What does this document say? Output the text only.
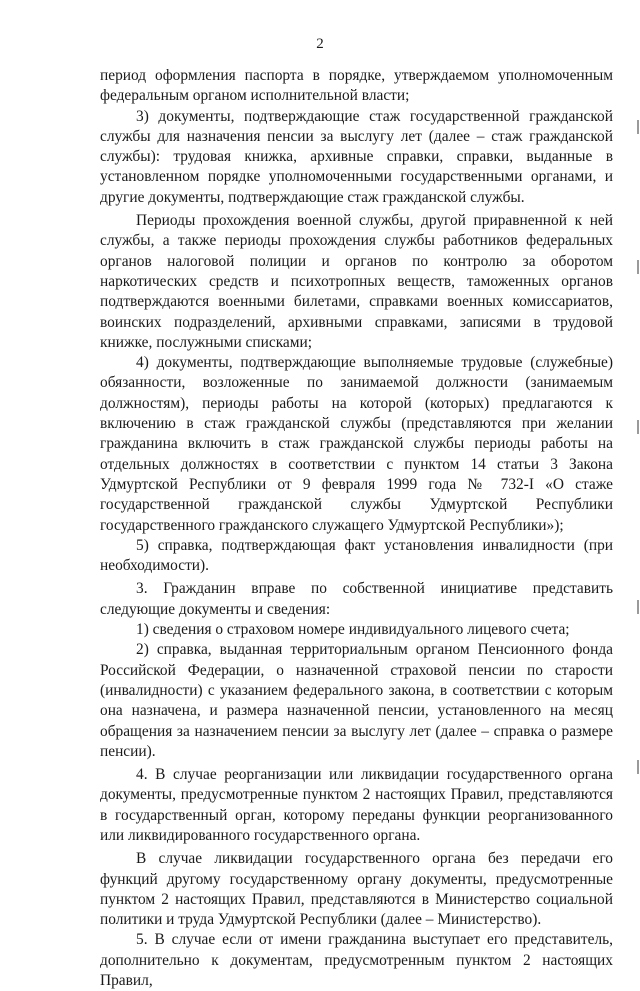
2

период оформления паспорта в порядке, утверждаемом уполномоченным федеральным органом исполнительной власти;

3) документы, подтверждающие стаж государственной гражданской службы для назначения пенсии за выслугу лет (далее – стаж гражданской службы): трудовая книжка, архивные справки, справки, выданные в установленном порядке уполномоченными государственными органами, и другие документы, подтверждающие стаж гражданской службы.

Периоды прохождения военной службы, другой приравненной к ней службы, а также периоды прохождения службы работников федеральных органов налоговой полиции и органов по контролю за оборотом наркотических средств и психотропных веществ, таможенных органов подтверждаются военными билетами, справками военных комиссариатов, воинских подразделений, архивными справками, записями в трудовой книжке, послужными списками;

4) документы, подтверждающие выполняемые трудовые (служебные) обязанности, возложенные по занимаемой должности (занимаемым должностям), периоды работы на которой (которых) предлагаются к включению в стаж гражданской службы (представляются при желании гражданина включить в стаж гражданской службы периоды работы на отдельных должностях в соответствии с пунктом 14 статьи 3 Закона Удмуртской Республики от 9 февраля 1999 года № 732-I «О стаже государственной гражданской службы Удмуртской Республики государственного гражданского служащего Удмуртской Республики»);

5) справка, подтверждающая факт установления инвалидности (при необходимости).

3. Гражданин вправе по собственной инициативе представить следующие документы и сведения:

1) сведения о страховом номере индивидуального лицевого счета;

2) справка, выданная территориальным органом Пенсионного фонда Российской Федерации, о назначенной страховой пенсии по старости (инвалидности) с указанием федерального закона, в соответствии с которым она назначена, и размера назначенной пенсии, установленного на месяц обращения за назначением пенсии за выслугу лет (далее – справка о размере пенсии).

4. В случае реорганизации или ликвидации государственного органа документы, предусмотренные пунктом 2 настоящих Правил, представляются в государственный орган, которому переданы функции реорганизованного или ликвидированного государственного органа.

В случае ликвидации государственного органа без передачи его функций другому государственному органу документы, предусмотренные пунктом 2 настоящих Правил, представляются в Министерство социальной политики и труда Удмуртской Республики (далее – Министерство).

5. В случае если от имени гражданина выступает его представитель, дополнительно к документам, предусмотренным пунктом 2 настоящих Правил,
